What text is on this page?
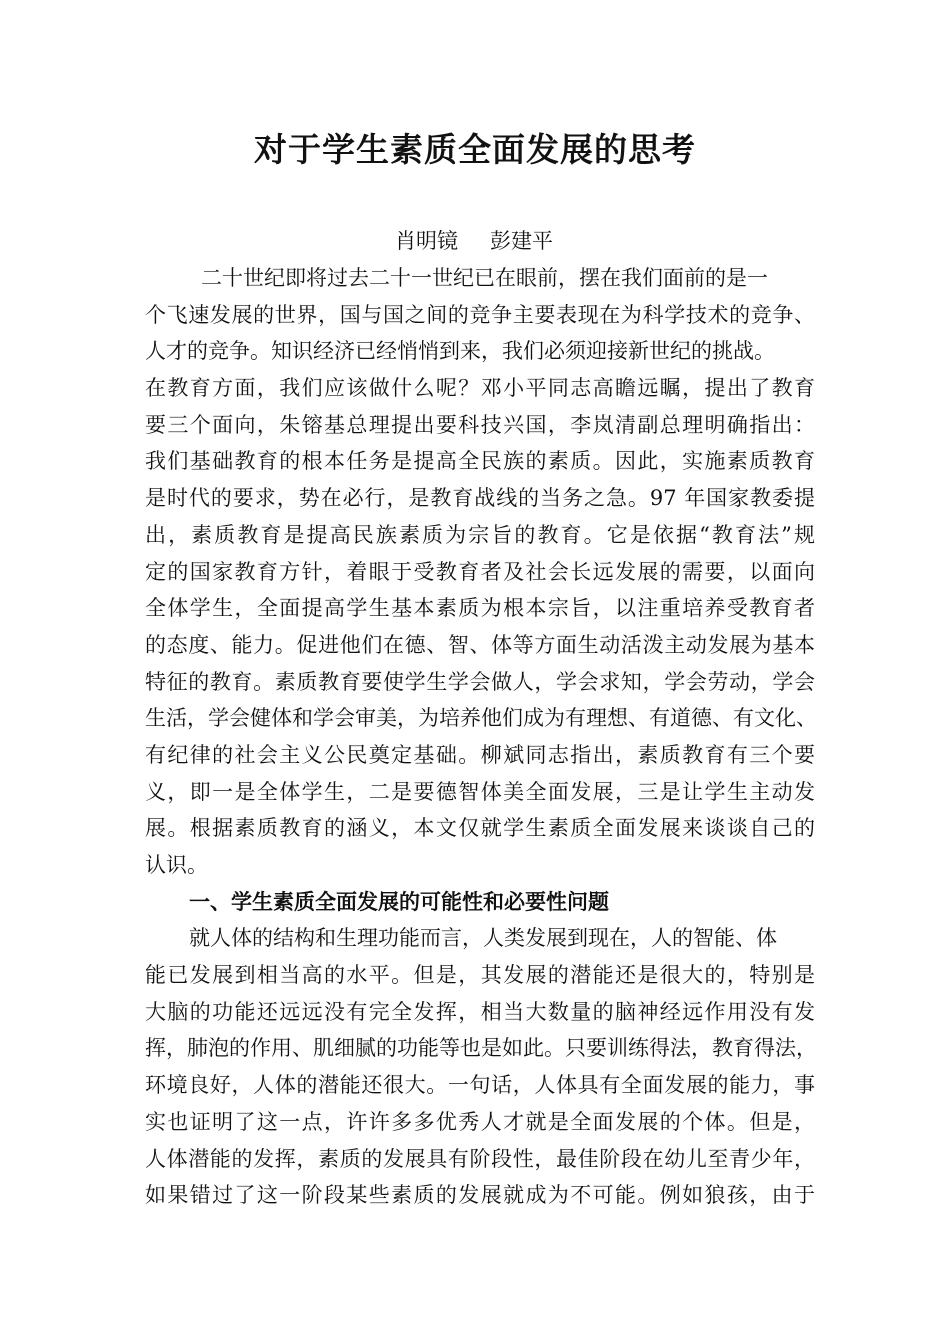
对于学生素质全面发展的思考
肖明镜 彭建平
二十世纪即将过去二十一世纪已在眼前，摆在我们面前的是一
个飞速发展的世界，国与国之间的竞争主要表现在为科学技术的竞争、
人才的竞争。知识经济已经悄悄到来，我们必须迎接新世纪的挑战。
在教育方面，我们应该做什么呢？邓小平同志高瞻远瞩，提出了教育
要三个面向，朱镕基总理提出要科技兴国，李岚清副总理明确指出：
我们基础教育的根本任务是提高全民族的素质。因此，实施素质教育
是时代的要求，势在必行，是教育战线的当务之急。97 年国家教委提
出，素质教育是提高民族素质为宗旨的教育。它是依据“教育法”规
定的国家教育方针，着眼于受教育者及社会长远发展的需要，以面向
全体学生，全面提高学生基本素质为根本宗旨，以注重培养受教育者
的态度、能力。促进他们在德、智、体等方面生动活泼主动发展为基本
特征的教育。素质教育要使学生学会做人，学会求知，学会劳动，学会
生活，学会健体和学会审美，为培养他们成为有理想、有道德、有文化、
有纪律的社会主义公民奠定基础。柳斌同志指出，素质教育有三个要
义，即一是全体学生，二是要德智体美全面发展，三是让学生主动发
展。根据素质教育的涵义，本文仅就学生素质全面发展来谈谈自己的
认识。
一、学生素质全面发展的可能性和必要性问题
就人体的结构和生理功能而言，人类发展到现在，人的智能、体
能已发展到相当高的水平。但是，其发展的潜能还是很大的，特别是
大脑的功能还远远没有完全发挥，相当大数量的脑神经远作用没有发
挥，肺泡的作用、肌细腻的功能等也是如此。只要训练得法，教育得法，
环境良好，人体的潜能还很大。一句话，人体具有全面发展的能力，事
实也证明了这一点，许许多多优秀人才就是全面发展的个体。但是，
人体潜能的发挥，素质的发展具有阶段性，最佳阶段在幼儿至青少年，
如果错过了这一阶段某些素质的发展就成为不可能。例如狼孩，由于
